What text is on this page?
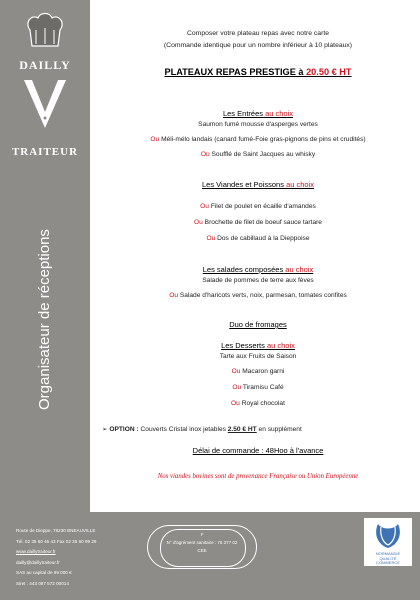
DAILLY
TRAITEUR
Organisateur de réceptions
Composer votre plateau repas avec notre carte
(Commande identique pour un nombre inférieur à 10 plateaux)
PLATEAUX REPAS PRESTIGE à 20.50 € HT
Les Entrées au choix
Saumon fumé mousse d'asperges vertes
Ou Méli-mélo landais (canard fumé-Foie gras-pignons de pins et crudités)
Ou Soufflé de Saint Jacques au whisky
Les Viandes et Poissons au choix
Ou Filet de poulet en écaille d'amandes
Ou Brochette de filet de boeuf sauce tartare
Ou Dos de cabillaud à la Dieppoise
Les salades composées au choix
Salade de pommes de terre aux fèves
Ou Salade d'haricots verts, noix, parmesan, tomates confites
Duo de fromages
Les Desserts au choix
Tarte aux Fruits de Saison
Ou Macaron garni
Ou Tiramisu Café
Ou Royal chocolat
➢ OPTION : Couverts Cristal inox jetables 2.50 € HT en supplément
Délai de commande : 48Hoo à l'avance
Nos viandes bovines sont de provenance Française ou Union Européenne
Route de Dieppe, 76230 BNEAUVILLE
Tél. 02 35 60 45 43 Fax 02 35 60 99 29
www.daillytraiteur.fr
dailly@daillytraiteur.fr
SAS au capital de 69 000 €
Siret : 443 087 572 00014
F
N° d'agrément sanitaire : 76 377 02
CEE
NORMANDIE
QUALITÉ
COMMERCE
